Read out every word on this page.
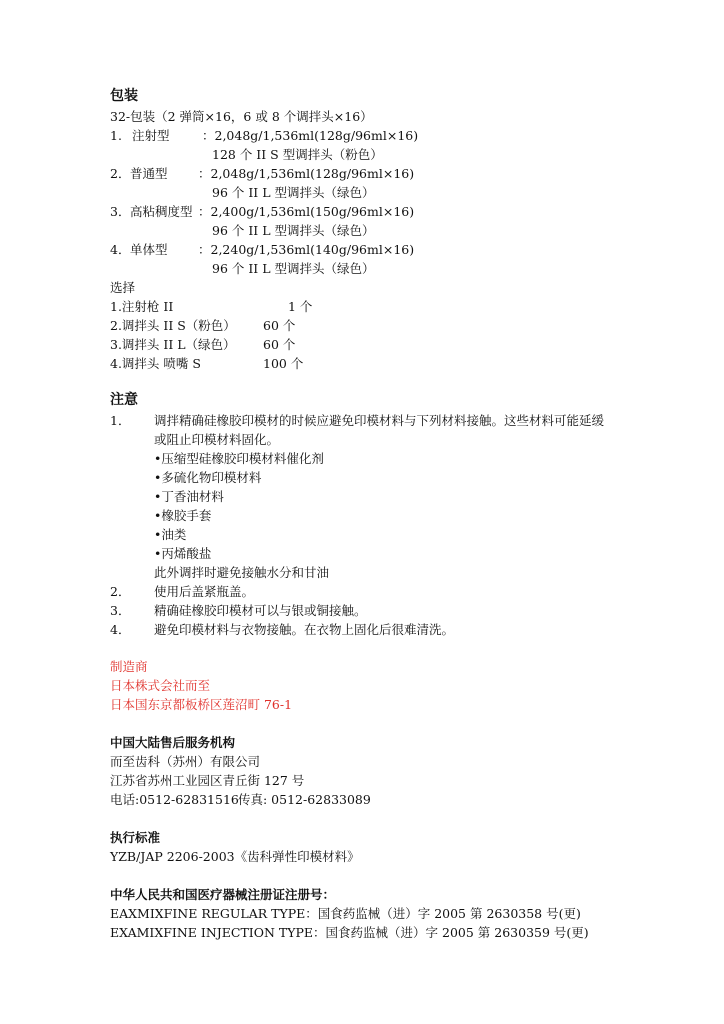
包装
32-包装（2 弹筒×16，6 或 8 个调拌头×16）
1. 注射型	：2,048g/1,536ml(128g/96ml×16)
128 个 II S 型调拌头（粉色）
2． 普通型 ：2,048g/1,536ml(128g/96ml×16)
96 个 II L 型调拌头（绿色）
3． 高粘稠度型 ：2,400g/1,536ml(150g/96ml×16)
96 个 II L 型调拌头（绿色）
4． 单体型 ：2,240g/1,536ml(140g/96ml×16)
96 个 II L 型调拌头（绿色）
选择
1.注射枪 II	1 个
2.调拌头 II S（粉色） 60 个
3.调拌头 II L（绿色） 60 个
4.调拌头 喷嘴 S	100 个
注意
1． 调拌精确硅橡胶印模材的时候应避免印模材料与下列材料接触。这些材料可能延缓
或阻止印模材料固化。
•压缩型硅橡胶印模材料催化剂
•多硫化物印模材料
•丁香油材料
•橡胶手套
•油类
•丙烯酸盐
此外调拌时避免接触水分和甘油
2． 使用后盖紧瓶盖。
3． 精确硅橡胶印模材可以与银或铜接触。
4． 避免印模材料与衣物接触。在衣物上固化后很难清洗。
制造商
日本株式会社而至
日本国东京都板桥区莲沼町 76-1
中国大陆售后服务机构
而至齿科（苏州）有限公司
江苏省苏州工业园区青丘街 127 号
电话:0512-62831516 传真: 0512-62833089
执行标准
YZB/JAP 2206-2003《齿科弹性印模材料》
中华人民共和国医疗器械注册证注册号：
EAXMIXFINE REGULAR TYPE：国食药监械（进）字 2005 第 2630358 号(更)
EXAMIXFINE INJECTION TYPE：国食药监械（进）字 2005 第 2630359 号(更)
